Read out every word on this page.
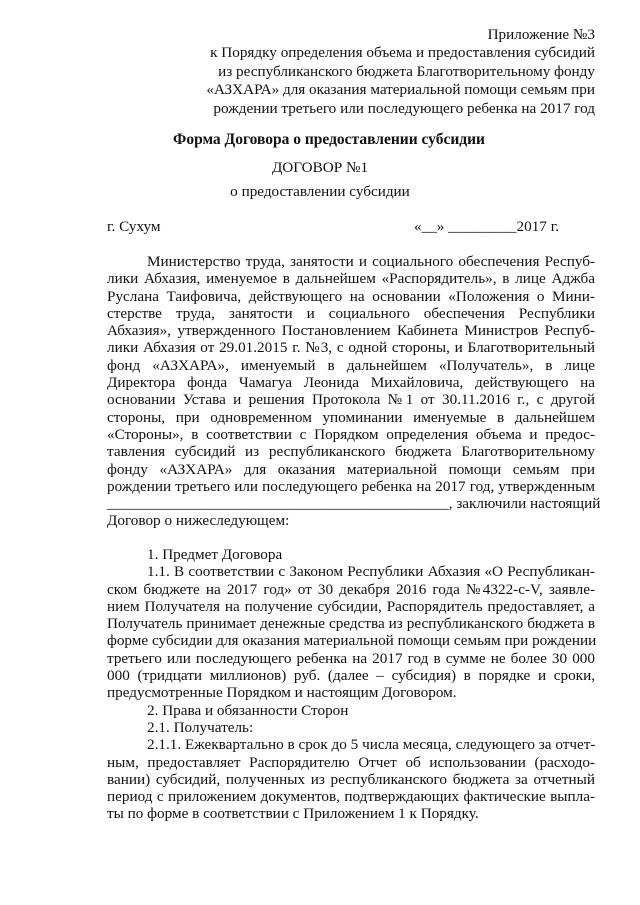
Приложение №3
к Порядку определения объема и предоставления субсидий
из республиканского бюджета Благотворительному фонду
«АЗХАРА» для оказания материальной помощи семьям при
рождении третьего или последующего ребенка на 2017 год
Форма Договора о предоставлении субсидии
ДОГОВОР №1
о предоставлении субсидии
г. Сухум	«__» _________2017 г.
Министерство труда, занятости и социального обеспечения Респуб-
лики Абхазия, именуемое в дальнейшем «Распорядитель», в лице Аджба
Руслана Таифовича, действующего на основании «Положения о Мини-
стерстве труда, занятости и социального обеспечения Республики
Абхазия», утвержденного Постановлением Кабинета Министров Респуб-
лики Абхазия от 29.01.2015 г. №3, с одной стороны, и Благотворительный
фонд «АЗХАРА», именуемый в дальнейшем «Получатель», в лице
Директора фонда Чамагуа Леонида Михайловича, действующего на
основании Устава и решения Протокола №1 от 30.11.2016 г., с другой
стороны, при одновременном упоминании именуемые в дальнейшем
«Стороны», в соответствии с Порядком определения объема и предос-
тавления субсидий из республиканского бюджета Благотворительному
фонду «АЗХАРА» для оказания материальной помощи семьям при
рождении третьего или последующего ребенка на 2017 год, утвержденным
_____________________________________________, заключили настоящий
Договор о нижеследующем:
1. Предмет Договора
1.1. В соответствии с Законом Республики Абхазия «О Республикан-
ском бюджете на 2017 год» от 30 декабря 2016 года №4322-с-V, заявле-
нием Получателя на получение субсидии, Распорядитель предоставляет, а
Получатель принимает денежные средства из республиканского бюджета в
форме субсидии для оказания материальной помощи семьям при рождении
третьего или последующего ребенка на 2017 год в сумме не более 30 000
000 (тридцати миллионов) руб. (далее – субсидия) в порядке и сроки,
предусмотренные Порядком и настоящим Договором.
2. Права и обязанности Сторон
2.1. Получатель:
2.1.1. Ежеквартально в срок до 5 числа месяца, следующего за отчет-
ным, предоставляет Распорядителю Отчет об использовании (расходо-
вании) субсидий, полученных из республиканского бюджета за отчетный
период с приложением документов, подтверждающих фактические выпла-
ты по форме в соответствии с Приложением 1 к Порядку.
